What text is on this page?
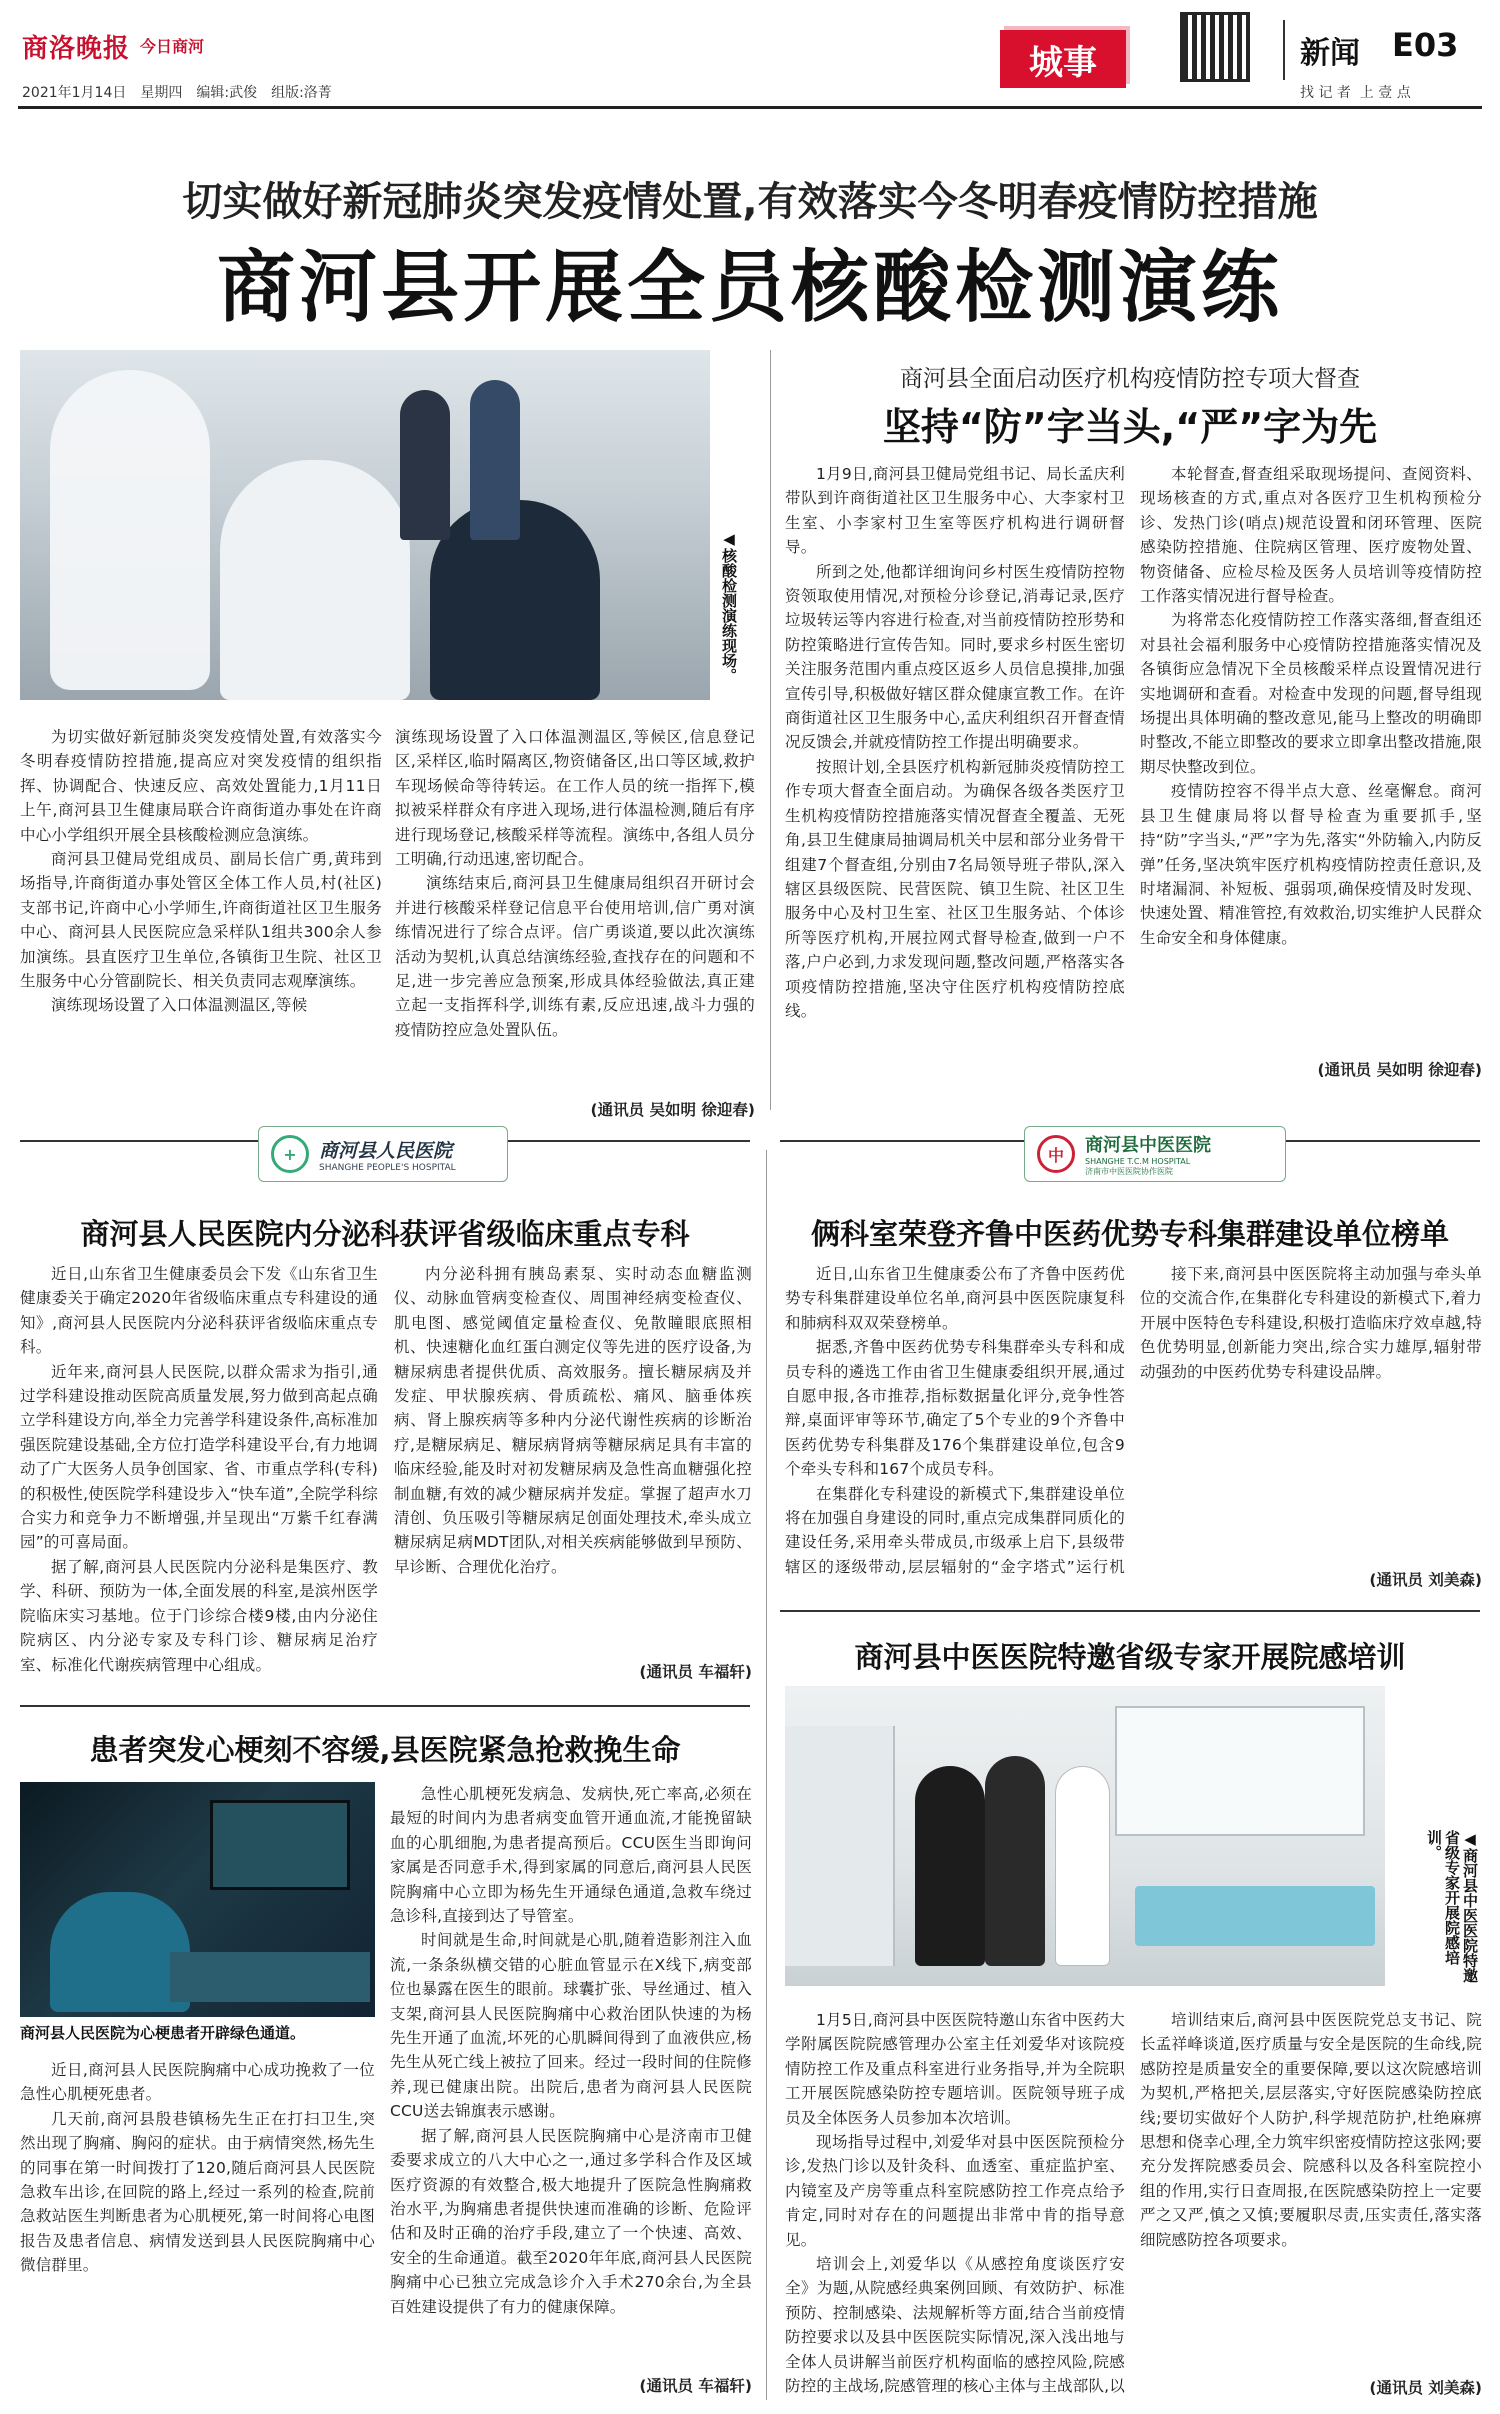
商洛晚报 今日商河
2021年1月14日 星期四 编辑:武俊 组版:洛菁
城事	新闻 E03
找 记 者  上 壹 点
切实做好新冠肺炎突发疫情处置,有效落实今冬明春疫情防控措施
商河县开展全员核酸检测演练
◀核酸检测演练现场。

为切实做好新冠肺炎突发疫情处置,有效落实今冬明春疫情防控措施,提高应对突发疫情的组织指挥、协调配合、快速反应、高效处置能力,1月11日上午,商河县卫生健康局联合许商街道办事处在许商中心小学组织开展全县核酸检测应急演练。

商河县卫健局党组成员、副局长信广勇,黄玮到场指导,许商街道办事处管区全体工作人员,村(社区)支部书记,许商中心小学师生,许商街道社区卫生服务中心、商河县人民医院应急采样队1组共300余人参加演练。县直医疗卫生单位,各镇街卫生院、社区卫生服务中心分管副院长、相关负责同志观摩演练。

演练现场设置了入口体温测温区,等候

演练现场设置了入口体温测温区,等候区,信息登记区,采样区,临时隔离区,物资储备区,出口等区域,救护车现场候命等待转运。在工作人员的统一指挥下,模拟被采样群众有序进入现场,进行体温检测,随后有序进行现场登记,核酸采样等流程。演练中,各组人员分工明确,行动迅速,密切配合。

演练结束后,商河县卫生健康局组织召开研讨会并进行核酸采样登记信息平台使用培训,信广勇对演练情况进行了综合点评。信广勇谈道,要以此次演练活动为契机,认真总结演练经验,查找存在的问题和不足,进一步完善应急预案,形成具体经验做法,真正建立起一支指挥科学,训练有素,反应迅速,战斗力强的疫情防控应急处置队伍。

(通讯员 吴如明 徐迎春)
商河县全面启动医疗机构疫情防控专项大督查
坚持“防”字当头,“严”字为先

1月9日,商河县卫健局党组书记、局长孟庆利带队到许商街道社区卫生服务中心、大李家村卫生室、小李家村卫生室等医疗机构进行调研督导。

所到之处,他都详细询问乡村医生疫情防控物资领取使用情况,对预检分诊登记,消毒记录,医疗垃圾转运等内容进行检查,对当前疫情防控形势和防控策略进行宣传告知。同时,要求乡村医生密切关注服务范围内重点疫区返乡人员信息摸排,加强宣传引导,积极做好辖区群众健康宣教工作。在许商街道社区卫生服务中心,孟庆利组织召开督查情况反馈会,并就疫情防控工作提出明确要求。

按照计划,全县医疗机构新冠肺炎疫情防控工作专项大督查全面启动。为确保各级各类医疗卫生机构疫情防控措施落实情况督查全覆盖、无死角,县卫生健康局抽调局机关中层和部分业务骨干组建7个督查组,分别由7名局领导班子带队,深入辖区县级医院、民营医院、镇卫生院、社区卫生服务中心及村卫生室、社区卫生服务站、个体诊所等医疗机构,开展拉网式督导检查,做到一户不落,户户必到,力求发现问题,整改问题,严格落实各项疫情防控措施,坚决守住医疗机构疫情防控底线。

本轮督查,督查组采取现场提问、查阅资料、现场核查的方式,重点对各医疗卫生机构预检分诊、发热门诊(哨点)规范设置和闭环管理、医院感染防控措施、住院病区管理、医疗废物处置、物资储备、应检尽检及医务人员培训等疫情防控工作落实情况进行督导检查。

为将常态化疫情防控工作落实落细,督查组还对县社会福利服务中心疫情防控措施落实情况及各镇街应急情况下全员核酸采样点设置情况进行实地调研和查看。对检查中发现的问题,督导组现场提出具体明确的整改意见,能马上整改的明确即时整改,不能立即整改的要求立即拿出整改措施,限期尽快整改到位。

疫情防控容不得半点大意、丝毫懈怠。商河县卫生健康局将以督导检查为重要抓手,坚持“防”字当头,“严”字为先,落实“外防输入,内防反弹”任务,坚决筑牢医疗机构疫情防控责任意识,及时堵漏洞、补短板、强弱项,确保疫情及时发现、快速处置、精准管控,有效救治,切实维护人民群众生命安全和身体健康。

(通讯员 吴如明 徐迎春)
+	商河县人民医院
SHANGHE PEOPLE'S HOSPITAL
商河县人民医院内分泌科获评省级临床重点专科

近日,山东省卫生健康委员会下发《山东省卫生健康委关于确定2020年省级临床重点专科建设的通知》,商河县人民医院内分泌科获评省级临床重点专科。

近年来,商河县人民医院,以群众需求为指引,通过学科建设推动医院高质量发展,努力做到高起点确立学科建设方向,举全力完善学科建设条件,高标准加强医院建设基础,全方位打造学科建设平台,有力地调动了广大医务人员争创国家、省、市重点学科(专科)的积极性,使医院学科建设步入“快车道”,全院学科综合实力和竞争力不断增强,并呈现出“万紫千红春满园”的可喜局面。

据了解,商河县人民医院内分泌科是集医疗、教学、科研、预防为一体,全面发展的科室,是滨州医学院临床实习基地。位于门诊综合楼9楼,由内分泌住院病区、内分泌专家及专科门诊、糖尿病足治疗室、标准化代谢疾病管理中心组成。

内分泌科拥有胰岛素泵、实时动态血糖监测仪、动脉血管病变检查仪、周围神经病变检查仪、肌电图、感觉阈值定量检查仪、免散瞳眼底照相机、快速糖化血红蛋白测定仪等先进的医疗设备,为糖尿病患者提供优质、高效服务。擅长糖尿病及并发症、甲状腺疾病、骨质疏松、痛风、脑垂体疾病、肾上腺疾病等多种内分泌代谢性疾病的诊断治疗,是糖尿病足、糖尿病肾病等糖尿病足具有丰富的临床经验,能及时对初发糖尿病及急性高血糖强化控制血糖,有效的减少糖尿病并发症。掌握了超声水刀清创、负压吸引等糖尿病足创面处理技术,牵头成立糖尿病足病MDT团队,对相关疾病能够做到早预防、早诊断、合理优化治疗。

(通讯员 车福轩)
患者突发心梗刻不容缓,县医院紧急抢救挽生命
商河县人民医院为心梗患者开辟绿色通道。

近日,商河县人民医院胸痛中心成功挽救了一位急性心肌梗死患者。

几天前,商河县殷巷镇杨先生正在打扫卫生,突然出现了胸痛、胸闷的症状。由于病情突然,杨先生的同事在第一时间拨打了120,随后商河县人民医院急救车出诊,在回院的路上,经过一系列的检查,院前急救站医生判断患者为心肌梗死,第一时间将心电图报告及患者信息、病情发送到县人民医院胸痛中心微信群里。

急性心肌梗死发病急、发病快,死亡率高,必须在最短的时间内为患者病变血管开通血流,才能挽留缺血的心肌细胞,为患者提高预后。CCU医生当即询问家属是否同意手术,得到家属的同意后,商河县人民医院胸痛中心立即为杨先生开通绿色通道,急救车绕过急诊科,直接到达了导管室。

时间就是生命,时间就是心肌,随着造影剂注入血流,一条条纵横交错的心脏血管显示在X线下,病变部位也暴露在医生的眼前。球囊扩张、导丝通过、植入支架,商河县人民医院胸痛中心救治团队快速的为杨先生开通了血流,坏死的心肌瞬间得到了血液供应,杨先生从死亡线上被拉了回来。经过一段时间的住院修养,现已健康出院。出院后,患者为商河县人民医院CCU送去锦旗表示感谢。

据了解,商河县人民医院胸痛中心是济南市卫健委要求成立的八大中心之一,通过多学科合作及区域医疗资源的有效整合,极大地提升了医院急性胸痛救治水平,为胸痛患者提供快速而准确的诊断、危险评估和及时正确的治疗手段,建立了一个快速、高效、安全的生命通道。截至2020年年底,商河县人民医院胸痛中心已独立完成急诊介入手术270余台,为全县百姓建设提供了有力的健康保障。

(通讯员 车福轩)
中	商河县中医医院
SHANGHE T.C.M HOSPITAL
济南市中医医院协作医院
俩科室荣登齐鲁中医药优势专科集群建设单位榜单

近日,山东省卫生健康委公布了齐鲁中医药优势专科集群建设单位名单,商河县中医医院康复科和肺病科双双荣登榜单。

据悉,齐鲁中医药优势专科集群牵头专科和成员专科的遴选工作由省卫生健康委组织开展,通过自愿申报,各市推荐,指标数据量化评分,竞争性答辩,桌面评审等环节,确定了5个专业的9个齐鲁中医药优势专科集群及176个集群建设单位,包含9个牵头专科和167个成员专科。

在集群化专科建设的新模式下,集群建设单位将在加强自身建设的同时,重点完成集群同质化的建设任务,采用牵头带成员,市级承上启下,县级带辖区的逐级带动,层层辐射的“金字塔式”运行机

接下来,商河县中医医院将主动加强与牵头单位的交流合作,在集群化专科建设的新模式下,着力开展中医特色专科建设,积极打造临床疗效卓越,特色优势明显,创新能力突出,综合实力雄厚,辐射带动强劲的中医药优势专科建设品牌。

(通讯员 刘美森)
商河县中医医院特邀省级专家开展院感培训
◀商河县中医医院特邀省级专家开展院感培训。

1月5日,商河县中医医院特邀山东省中医药大学附属医院院感管理办公室主任刘爱华对该院疫情防控工作及重点科室进行业务指导,并为全院职工开展医院感染防控专题培训。医院领导班子成员及全体医务人员参加本次培训。

现场指导过程中,刘爱华对县中医医院预检分诊,发热门诊以及针灸科、血透室、重症监护室、内镜室及产房等重点科室院感防控工作亮点给予肯定,同时对存在的问题提出非常中肯的指导意见。

培训会上,刘爱华以《从感控角度谈医疗安全》为题,从院感经典案例回顾、有效防护、标准预防、控制感染、法规解析等方面,结合当前疫情防控要求以及县中医医院实际情况,深入浅出地与全体人员讲解当前医疗机构面临的感控风险,院感防控的主战场,院感管理的核心主体与主战部队,以

培训结束后,商河县中医医院党总支书记、院长孟祥峰谈道,医疗质量与安全是医院的生命线,院感防控是质量安全的重要保障,要以这次院感培训为契机,严格把关,层层落实,守好医院感染防控底线;要切实做好个人防护,科学规范防护,杜绝麻痹思想和侥幸心理,全力筑牢织密疫情防控这张网;要充分发挥院感委员会、院感科以及各科室院控小组的作用,实行日查周报,在医院感染防控上一定要严之又严,慎之又慎;要履职尽责,压实责任,落实落细院感防控各项要求。

(通讯员 刘美森)
